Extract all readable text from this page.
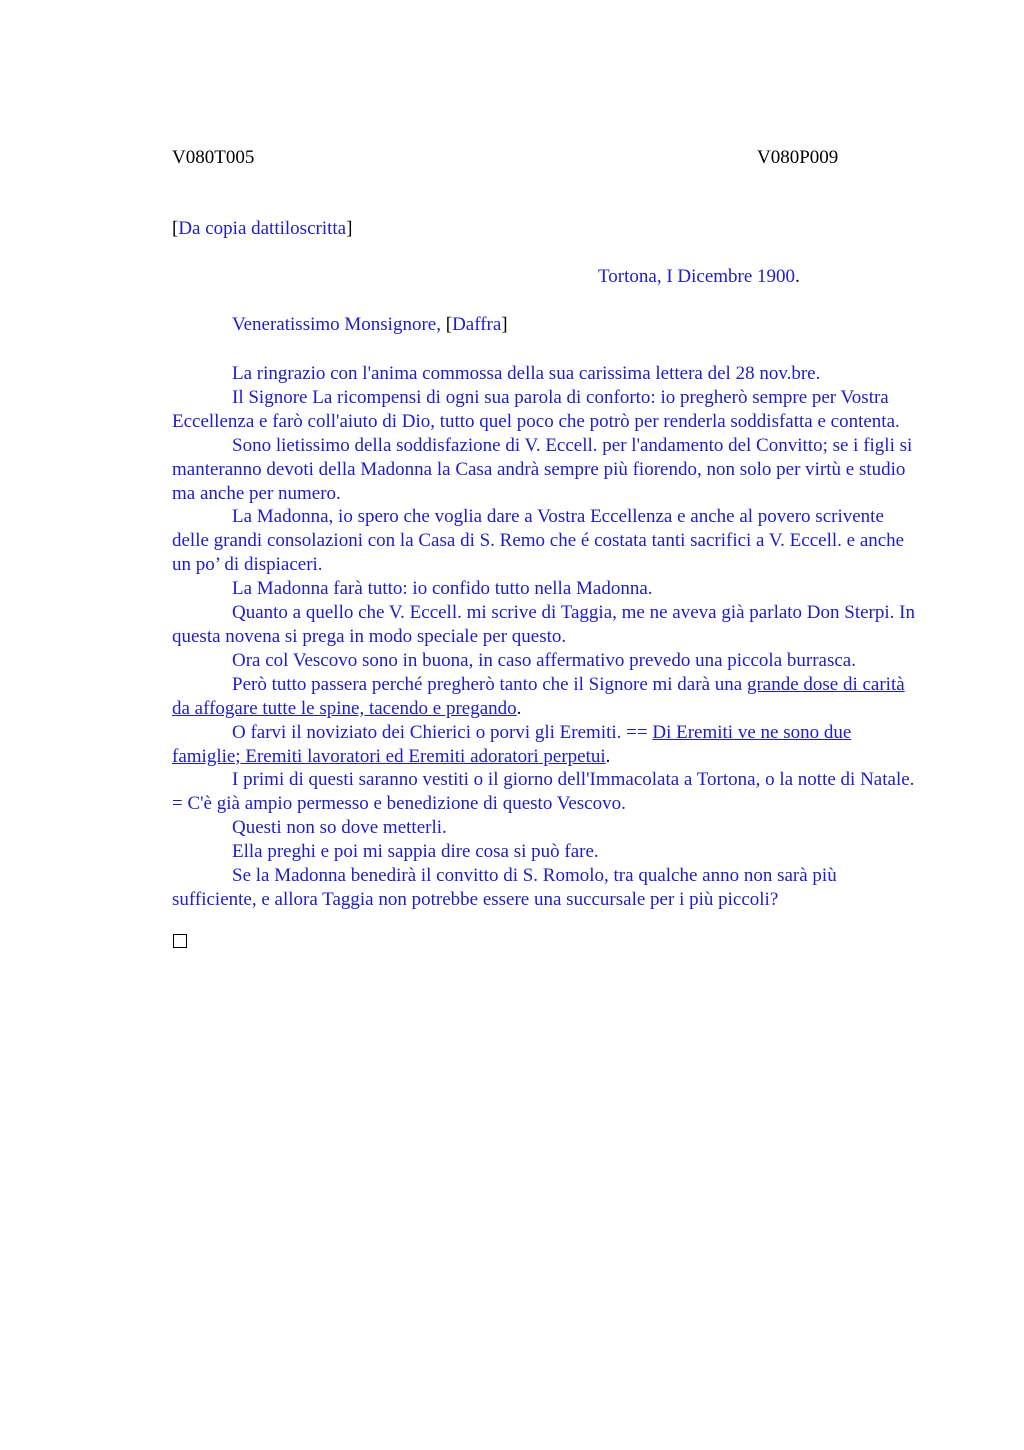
V080T005	V080P009
[Da copia dattiloscritta]
Tortona, I Dicembre 1900.
Veneratissimo Monsignore, [Daffra]

La ringrazio con l'anima commossa della sua carissima lettera del 28 nov.bre.

Il Signore La ricompensi di ogni sua parola di conforto: io pregherò sempre per Vostra Eccellenza e farò coll'aiuto di Dio, tutto quel poco che potrò per renderla soddisfatta e contenta.

Sono lietissimo della soddisfazione di V. Eccell. per l'andamento del Convitto; se i figli si manteranno devoti della Madonna la Casa andrà sempre più fiorendo, non solo per virtù e studio ma anche per numero.

La Madonna, io spero che voglia dare a Vostra Eccellenza e anche al povero scrivente delle grandi consolazioni con la Casa di S. Remo che é costata tanti sacrifici a V. Eccell. e anche un po’ di dispiaceri.

La Madonna farà tutto: io confido tutto nella Madonna.

Quanto a quello che V. Eccell. mi scrive di Taggia, me ne aveva già parlato Don Sterpi. In questa novena si prega in modo speciale per questo.

Ora col Vescovo sono in buona, in caso affermativo prevedo una piccola burrasca.

Però tutto passera perché pregherò tanto che il Signore mi darà una grande dose di carità da affogare tutte le spine, tacendo e pregando.

O farvi il noviziato dei Chierici o porvi gli Eremiti. == Di Eremiti ve ne sono due famiglie; Eremiti lavoratori ed Eremiti adoratori perpetui.

I primi di questi saranno vestiti o il giorno dell'Immacolata a Tortona, o la notte di Natale. = C'è già ampio permesso e benedizione di questo Vescovo.

Questi non so dove metterli.

Ella preghi e poi mi sappia dire cosa si può fare.

Se la Madonna benedirà il convitto di S. Romolo, tra qualche anno non sarà più sufficiente, e allora Taggia non potrebbe essere una succursale per i più piccoli?
